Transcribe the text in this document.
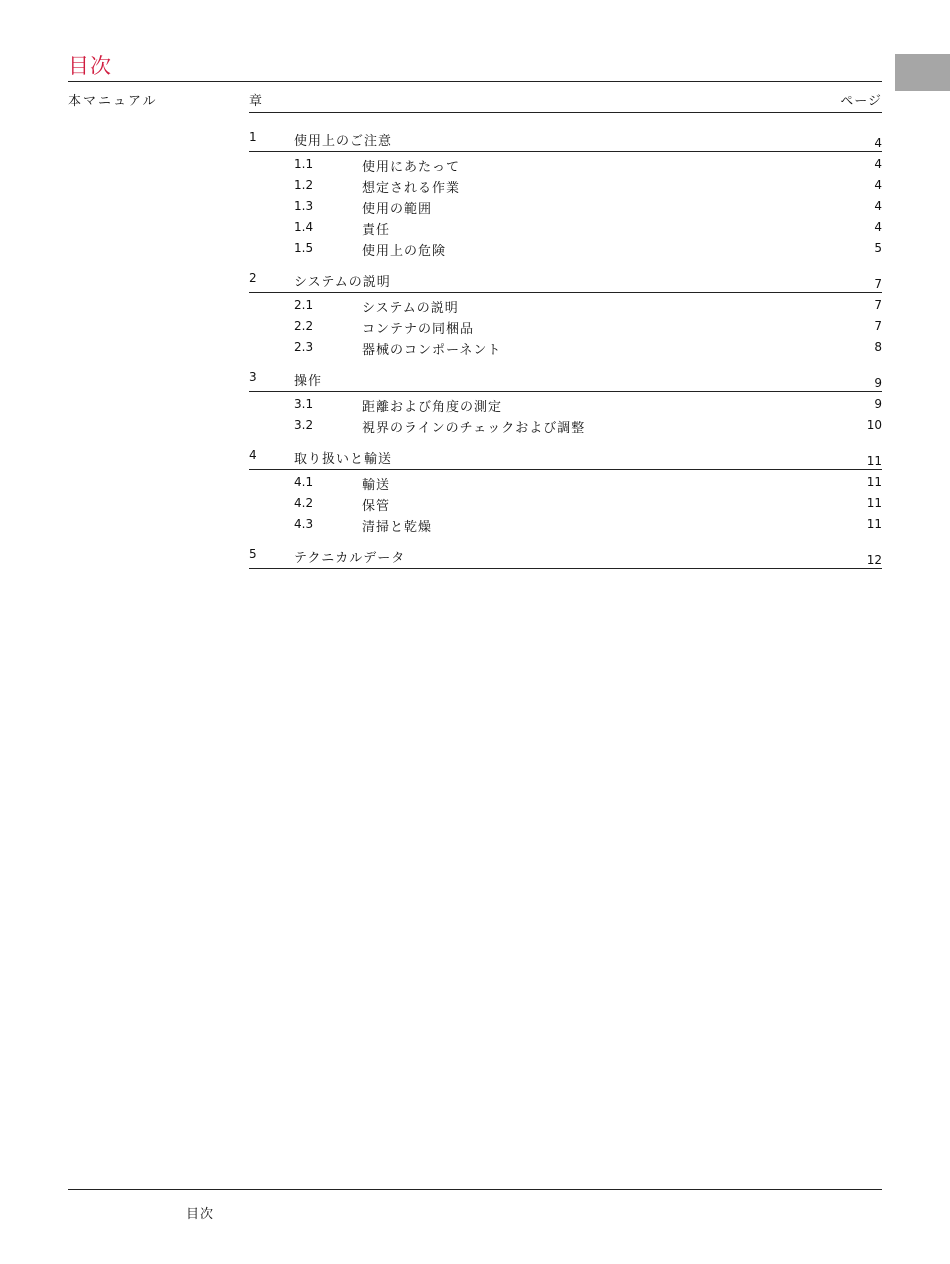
目次
本マニュアル	章	ページ
1	使用上のご注意	4
1.1	使用にあたって	4
1.2	想定される作業	4
1.3	使用の範囲	4
1.4	責任	4
1.5	使用上の危険	5
2	システムの説明	7
2.1	システムの説明	7
2.2	コンテナの同梱品	7
2.3	器械のコンポーネント	8
3	操作	9
3.1	距離および角度の測定	9
3.2	視界のラインのチェックおよび調整	10
4	取り扱いと輸送	11
4.1	輸送	11
4.2	保管	11
4.3	清掃と乾燥	11
5	テクニカルデータ	12
目次
